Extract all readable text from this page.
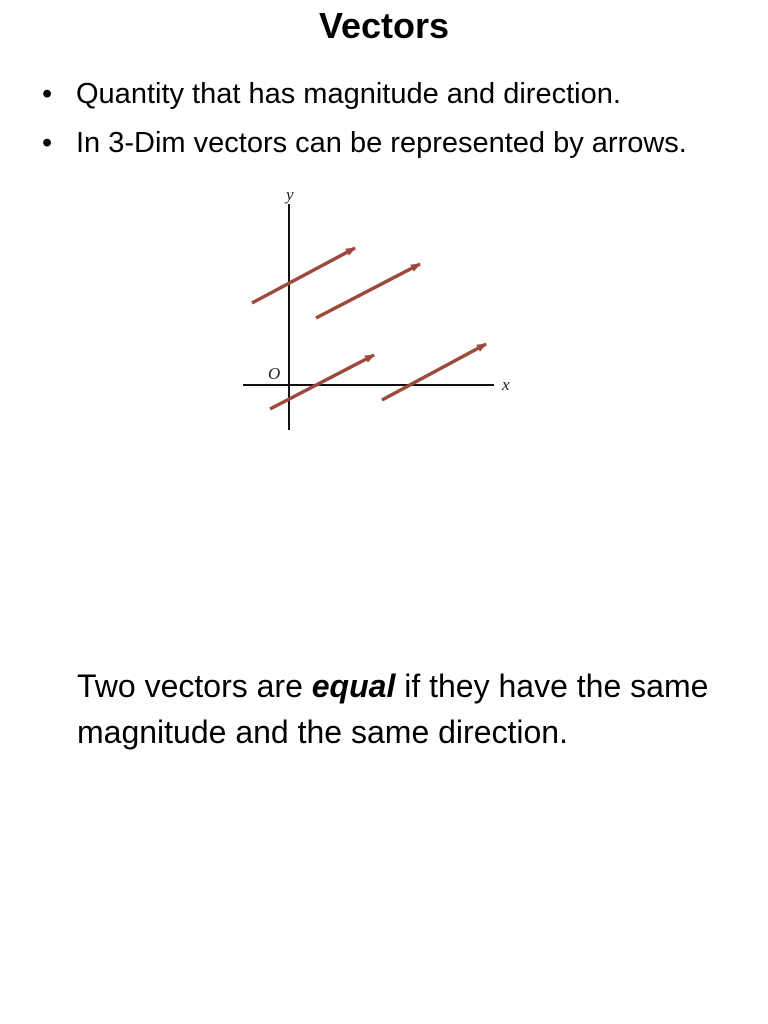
Vectors
• Quantity that has magnitude and direction.
• In 3-Dim vectors can be represented by arrows.
y
x
O

Two vectors are equal if they have the same magnitude and the same direction.
